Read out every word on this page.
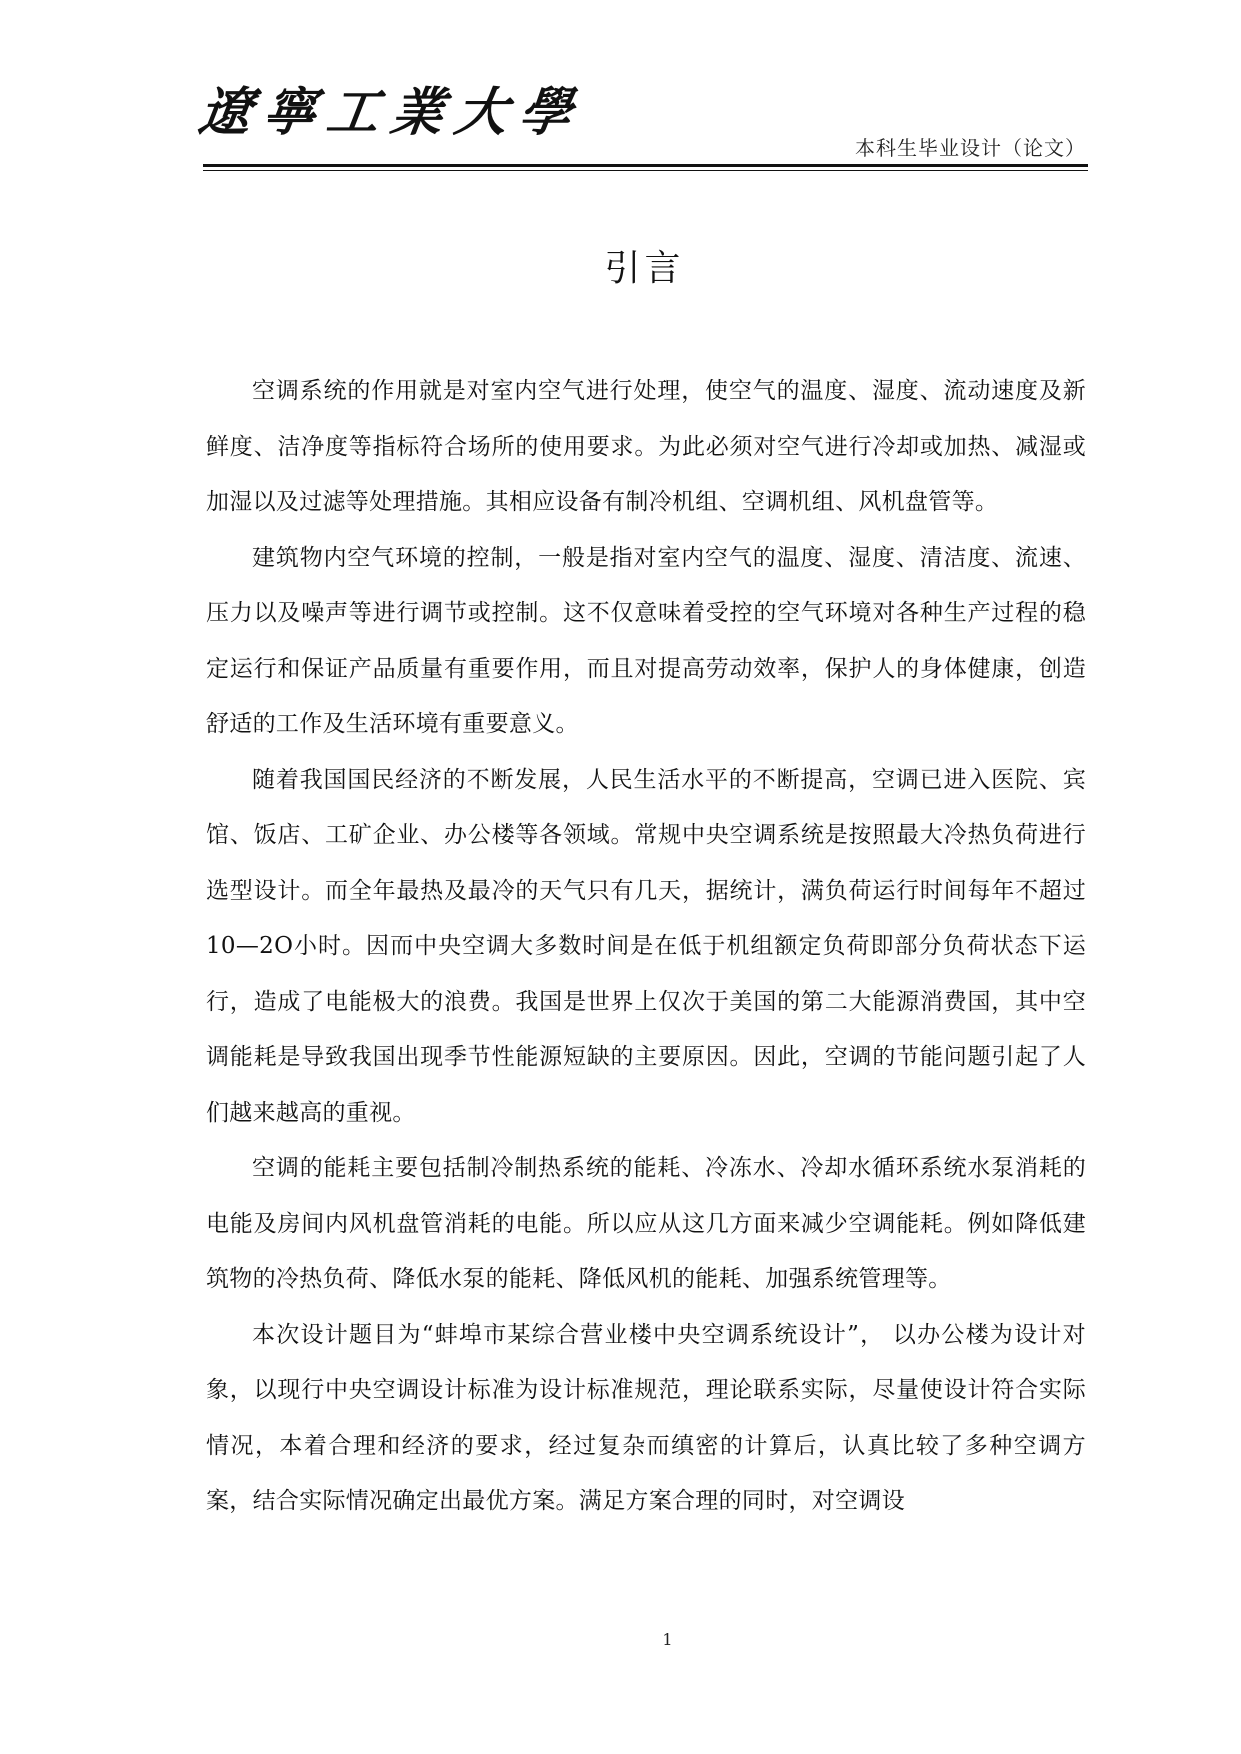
遼寧工業大學
本科生毕业设计（论文）
引言

空调系统的作用就是对室内空气进行处理，使空气的温度、湿度、流动速度及新鲜度、洁净度等指标符合场所的使用要求。为此必须对空气进行冷却或加热、减湿或加湿以及过滤等处理措施。其相应设备有制冷机组、空调机组、风机盘管等。

建筑物内空气环境的控制，一般是指对室内空气的温度、湿度、清洁度、流速、压力以及噪声等进行调节或控制。这不仅意味着受控的空气环境对各种生产过程的稳定运行和保证产品质量有重要作用，而且对提高劳动效率，保护人的身体健康，创造舒适的工作及生活环境有重要意义。

随着我国国民经济的不断发展，人民生活水平的不断提高，空调已进入医院、宾馆、饭店、工矿企业、办公楼等各领域。常规中央空调系统是按照最大冷热负荷进行选型设计。而全年最热及最冷的天气只有几天，据统计，满负荷运行时间每年不超过10—2O小时。因而中央空调大多数时间是在低于机组额定负荷即部分负荷状态下运行，造成了电能极大的浪费。我国是世界上仅次于美国的第二大能源消费国，其中空调能耗是导致我国出现季节性能源短缺的主要原因。因此，空调的节能问题引起了人们越来越高的重视。

空调的能耗主要包括制冷制热系统的能耗、冷冻水、冷却水循环系统水泵消耗的电能及房间内风机盘管消耗的电能。所以应从这几方面来减少空调能耗。例如降低建筑物的冷热负荷、降低水泵的能耗、降低风机的能耗、加强系统管理等。

本次设计题目为“蚌埠市某综合营业楼中央空调系统设计”， 以办公楼为设计对象，以现行中央空调设计标准为设计标准规范，理论联系实际，尽量使设计符合实际情况，本着合理和经济的要求，经过复杂而缜密的计算后，认真比较了多种空调方案，结合实际情况确定出最优方案。满足方案合理的同时，对空调设

1
